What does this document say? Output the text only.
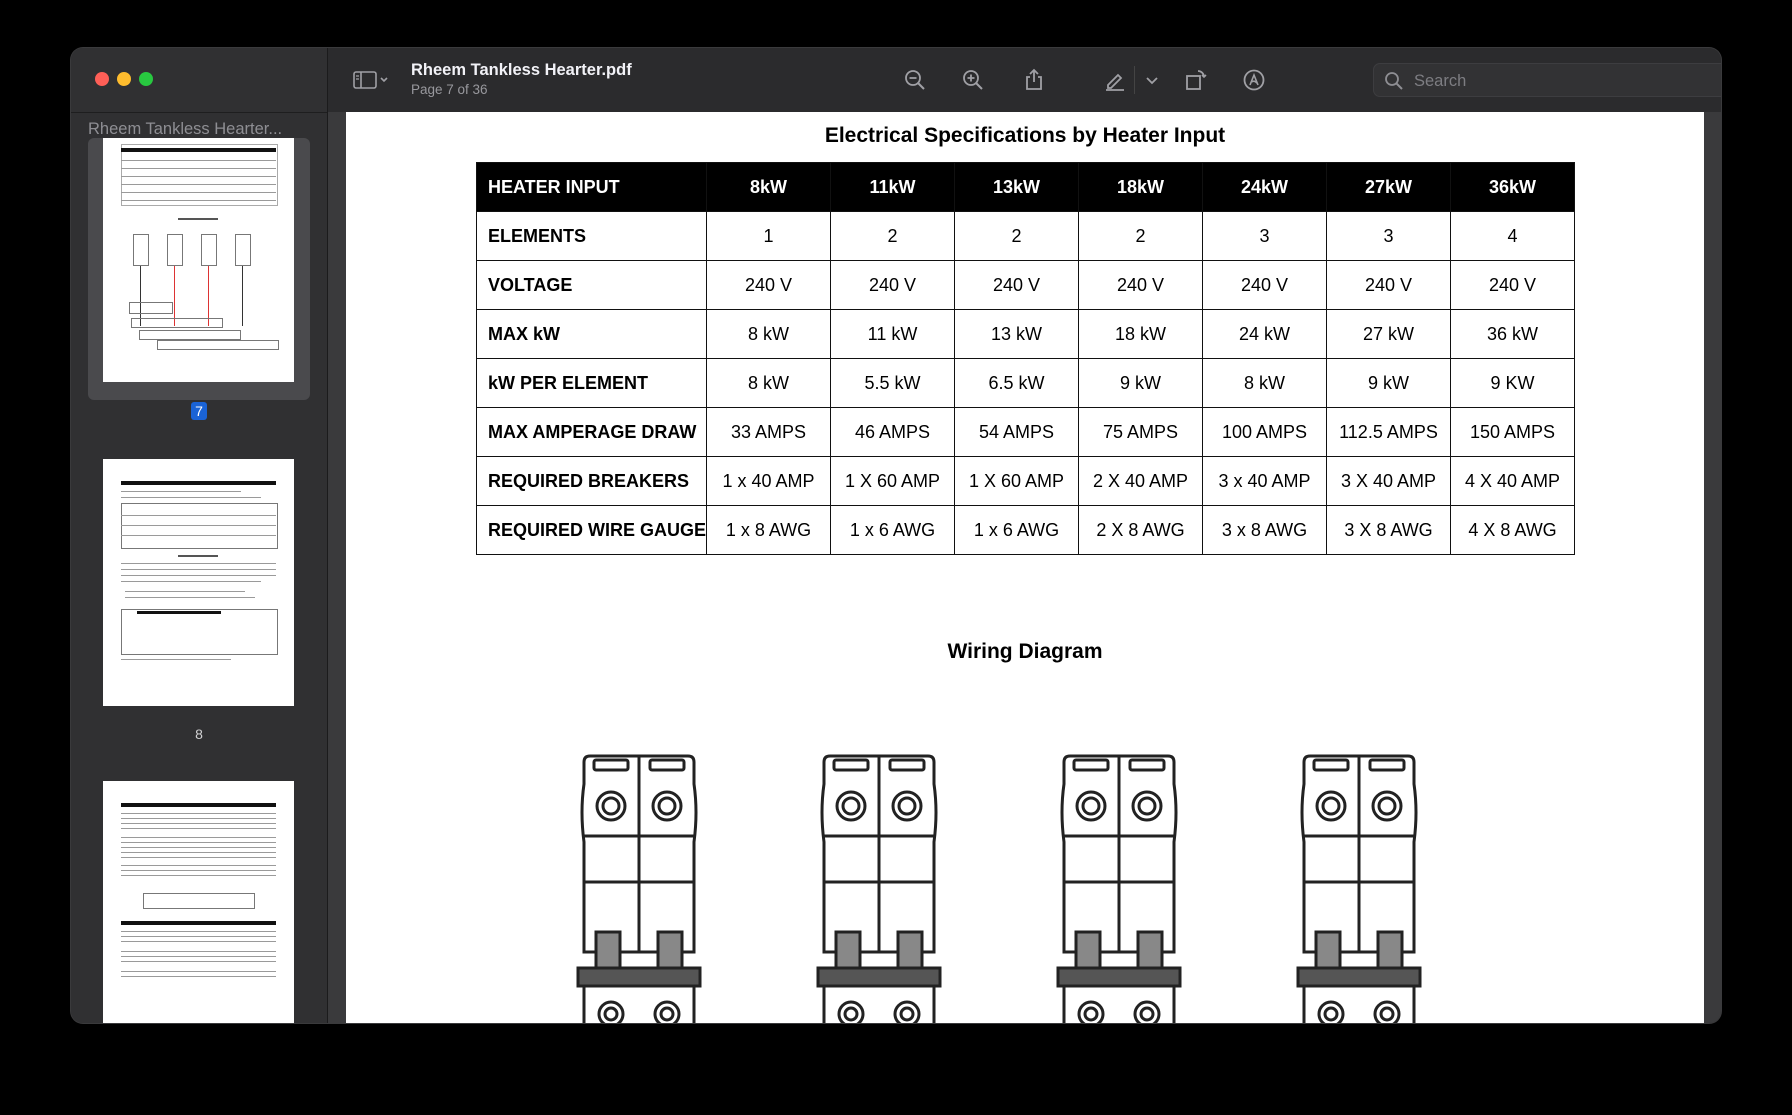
Rheem Tankless Hearter...
7
8
Rheem Tankless Hearter.pdf
Page 7 of 36
Search
Electrical Specifications by Heater Input
HEATER INPUT	8kW	11kW	13kW	18kW	24kW	27kW	36kW
ELEMENTS	1	2	2	2	3	3	4
VOLTAGE	240 V	240 V	240 V	240 V	240 V	240 V	240 V
MAX kW	8 kW	11 kW	13 kW	18 kW	24 kW	27 kW	36 kW
kW PER ELEMENT	8 kW	5.5 kW	6.5 kW	9 kW	8 kW	9 kW	9 KW
MAX AMPERAGE DRAW	33 AMPS	46 AMPS	54 AMPS	75 AMPS	100 AMPS	112.5 AMPS	150 AMPS
REQUIRED BREAKERS	1 x 40 AMP	1 X 60 AMP	1 X 60 AMP	2 X 40 AMP	3 x 40 AMP	3 X 40 AMP	4 X 40 AMP
REQUIRED WIRE GAUGE	1 x 8 AWG	1 x 6 AWG	1 x 6 AWG	2 X 8 AWG	3 x 8 AWG	3 X 8 AWG	4 X 8 AWG
Wiring Diagram
